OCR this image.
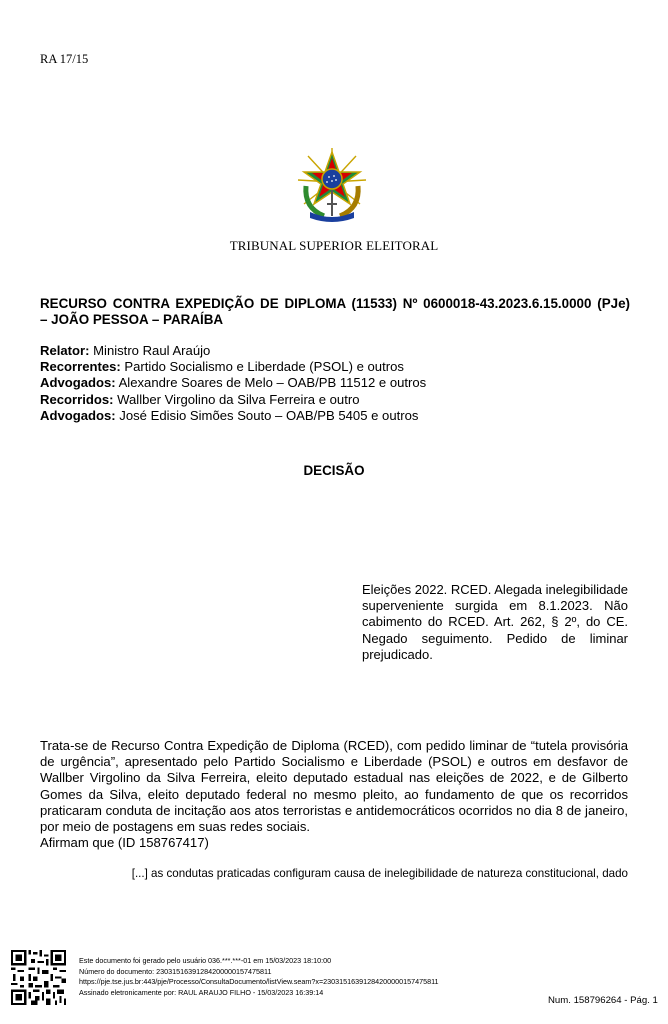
RA 17/15
TRIBUNAL SUPERIOR ELEITORAL
RECURSO CONTRA EXPEDIÇÃO DE DIPLOMA (11533) Nº 0600018-43.2023.6.15.0000 (PJe)
– JOÃO PESSOA – PARAÍBA
Relator: Ministro Raul Araújo
Recorrentes: Partido Socialismo e Liberdade (PSOL) e outros
Advogados: Alexandre Soares de Melo – OAB/PB 11512 e outros
Recorridos: Wallber Virgolino da Silva Ferreira e outro
Advogados: José Edisio Simões Souto – OAB/PB 5405 e outros
DECISÃO
Eleições 2022. RCED. Alegada inelegibilidade superveniente surgida em 8.1.2023. Não cabimento do RCED. Art. 262, § 2º, do CE. Negado seguimento. Pedido de liminar prejudicado.
Trata-se de Recurso Contra Expedição de Diploma (RCED), com pedido liminar de “tutela provisória de urgência”, apresentado pelo Partido Socialismo e Liberdade (PSOL) e outros em desfavor de Wallber Virgolino da Silva Ferreira, eleito deputado estadual nas eleições de 2022, e de Gilberto Gomes da Silva, eleito deputado federal no mesmo pleito, ao fundamento de que os recorridos praticaram conduta de incitação aos atos terroristas e antidemocráticos ocorridos no dia 8 de janeiro, por meio de postagens em suas redes sociais.
Afirmam que (ID 158767417)
[...] as condutas praticadas configuram causa de inelegibilidade de natureza constitucional, dado
Este documento foi gerado pelo usuário 036.***.***-01 em 15/03/2023 18:10:00
Número do documento: 23031516391284200000157475811
https://pje.tse.jus.br:443/pje/Processo/ConsultaDocumento/listView.seam?x=23031516391284200000157475811
Assinado eletronicamente por: RAUL ARAUJO FILHO - 15/03/2023 16:39:14
Num. 158796264 - Pág. 1
